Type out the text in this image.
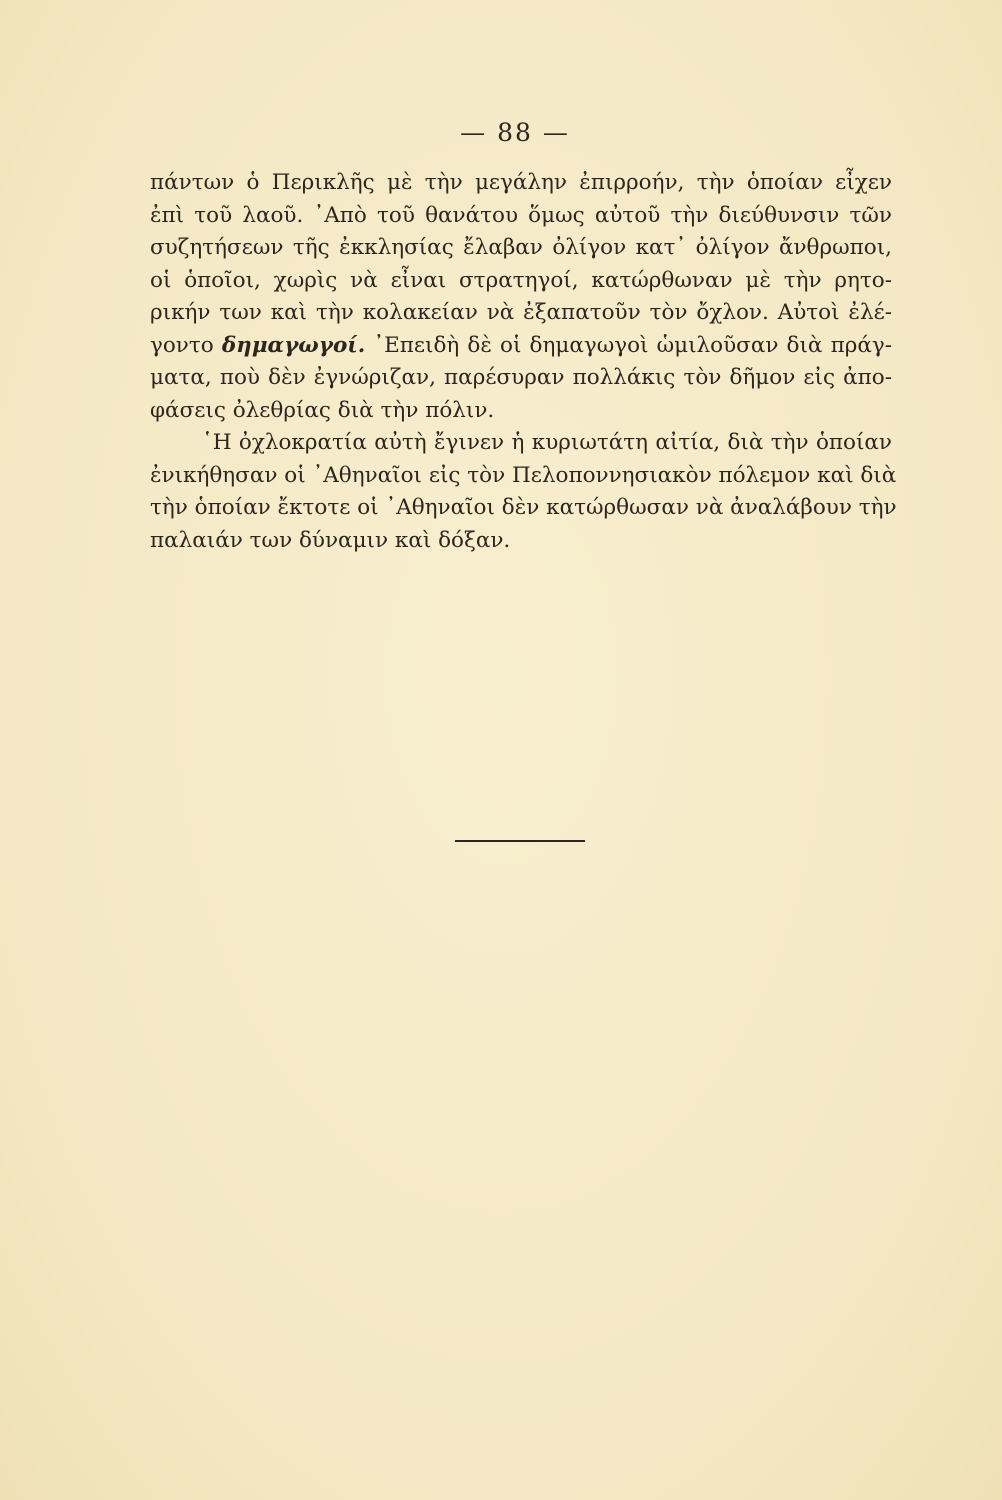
— 88 —
πάντων ὁ Περικλῆς μὲ τὴν μεγάλην ἐπιρροήν, τὴν ὁποίαν εἶχεν
ἐπὶ τοῦ λαοῦ. ᾿Απὸ τοῦ θανάτου ὅμως αὐτοῦ τὴν διεύθυνσιν τῶν
συζητήσεων τῆς ἐκκλησίας ἔλαβαν ὀλίγον κατ᾿ ὀλίγον ἄνθρωποι,
οἱ ὁποῖοι, χωρὶς νὰ εἶναι στρατηγοί, κατώρθωναν μὲ τὴν ρητο-
ρικήν των καὶ τὴν κολακείαν νὰ ἐξαπατοῦν τὸν ὄχλον. Αὐτοὶ ἐλέ-
γοντο δημαγωγοί. ᾿Επειδὴ δὲ οἱ δημαγωγοὶ ὡμιλοῦσαν διὰ πράγ-
ματα, ποὺ δὲν ἐγνώριζαν, παρέσυραν πολλάκις τὸν δῆμον εἰς ἀπο-
φάσεις ὀλεθρίας διὰ τὴν πόλιν.
῾Η ὀχλοκρατία αὐτὴ ἔγινεν ἡ κυριωτάτη αἰτία, διὰ τὴν ὁποίαν
ἐνικήθησαν οἱ ᾿Αθηναῖοι εἰς τὸν Πελοποννησιακὸν πόλεμον καὶ διὰ
τὴν ὁποίαν ἔκτοτε οἱ ᾿Αθηναῖοι δὲν κατώρθωσαν νὰ ἀναλάβουν τὴν
παλαιάν των δύναμιν καὶ δόξαν.
